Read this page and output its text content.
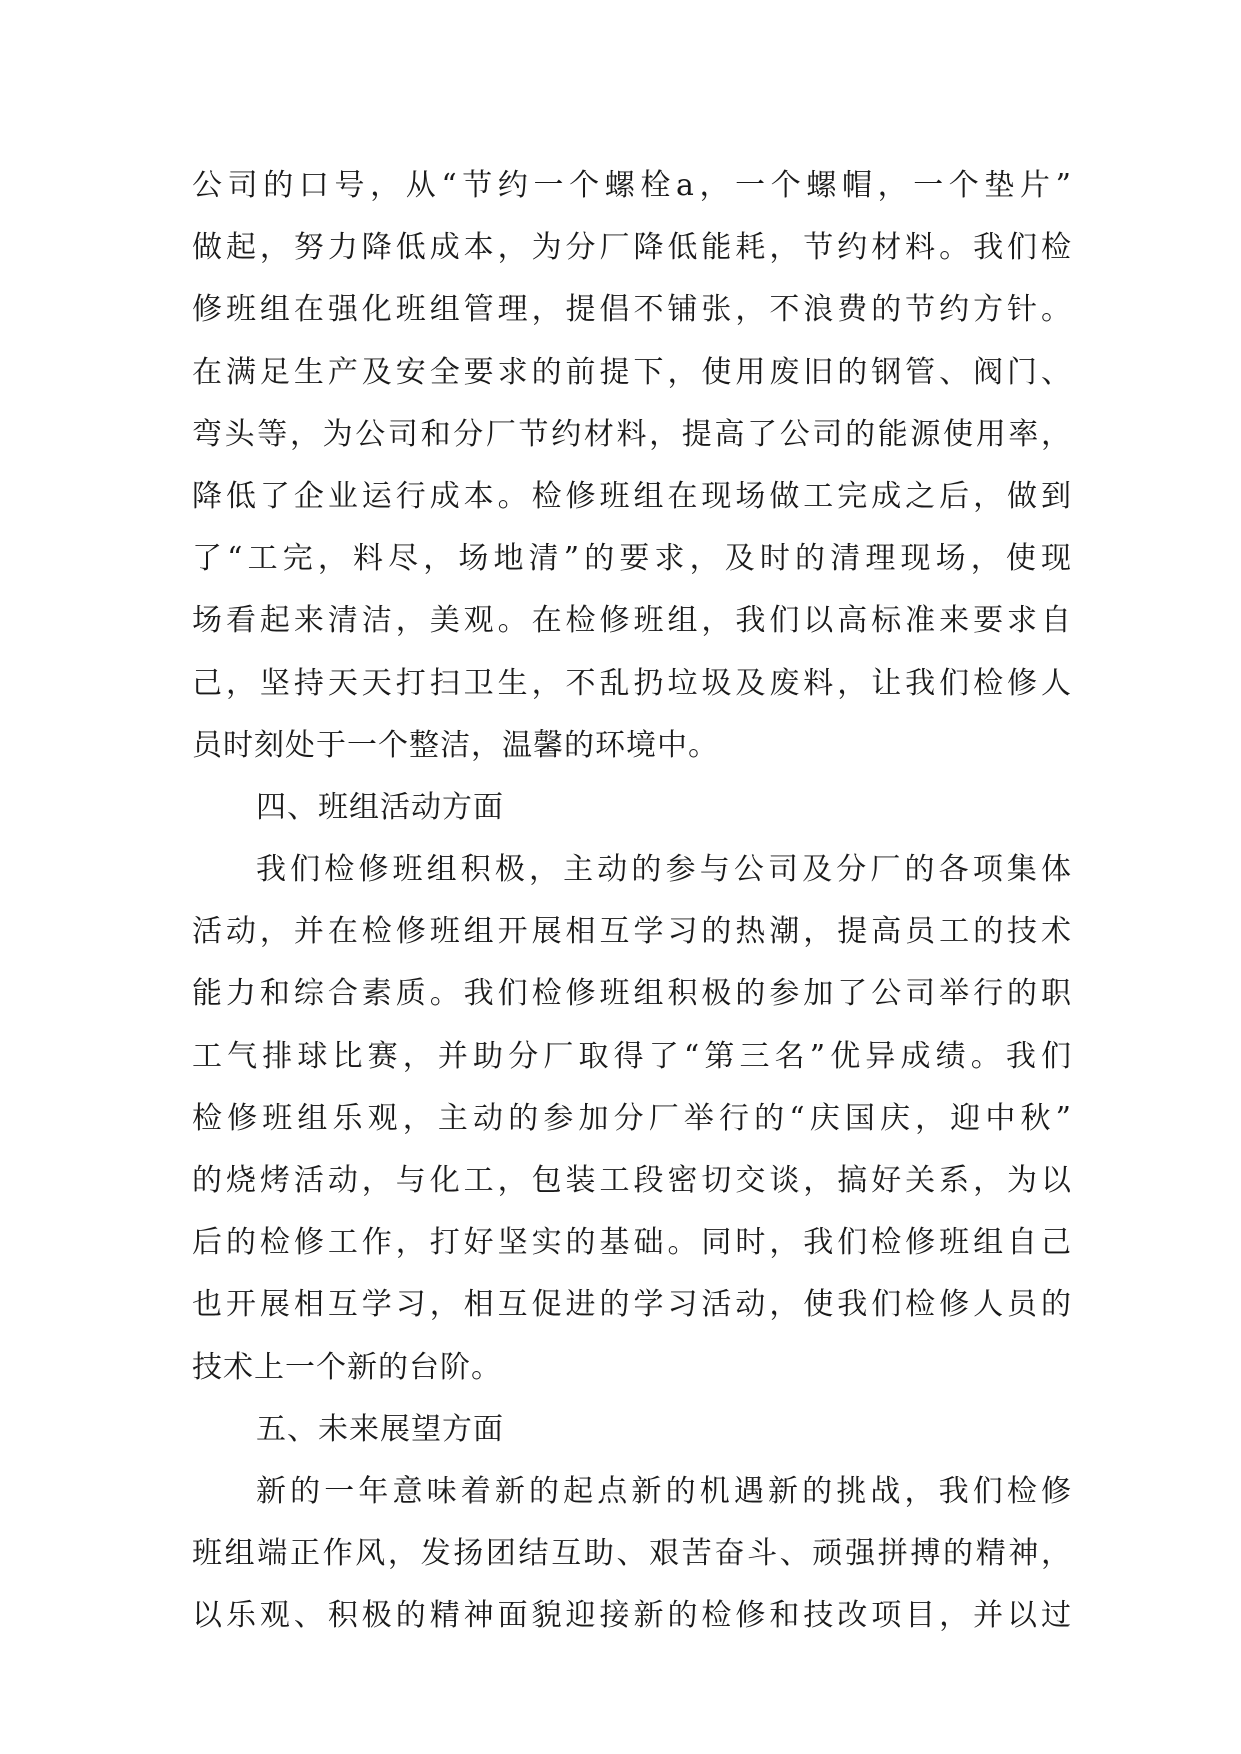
公司的口号，从“节约一个螺栓a，一个螺帽，一个垫片”
做起，努力降低成本，为分厂降低能耗，节约材料。我们检
修班组在强化班组管理，提倡不铺张，不浪费的节约方针。
在满足生产及安全要求的前提下，使用废旧的钢管、阀门、
弯头等，为公司和分厂节约材料，提高了公司的能源使用率，
降低了企业运行成本。检修班组在现场做工完成之后，做到
了“工完，料尽，场地清”的要求，及时的清理现场，使现
场看起来清洁，美观。在检修班组，我们以高标准来要求自
己，坚持天天打扫卫生，不乱扔垃圾及废料，让我们检修人
员时刻处于一个整洁，温馨的环境中。
四、班组活动方面
我们检修班组积极，主动的参与公司及分厂的各项集体
活动，并在检修班组开展相互学习的热潮，提高员工的技术
能力和综合素质。我们检修班组积极的参加了公司举行的职
工气排球比赛，并助分厂取得了“第三名”优异成绩。我们
检修班组乐观，主动的参加分厂举行的“庆国庆，迎中秋”
的烧烤活动，与化工，包装工段密切交谈，搞好关系，为以
后的检修工作，打好坚实的基础。同时，我们检修班组自己
也开展相互学习，相互促进的学习活动，使我们检修人员的
技术上一个新的台阶。
五、未来展望方面
新的一年意味着新的起点新的机遇新的挑战，我们检修
班组端正作风，发扬团结互助、艰苦奋斗、顽强拼搏的精神，
以乐观、积极的精神面貌迎接新的检修和技改项目，并以过
